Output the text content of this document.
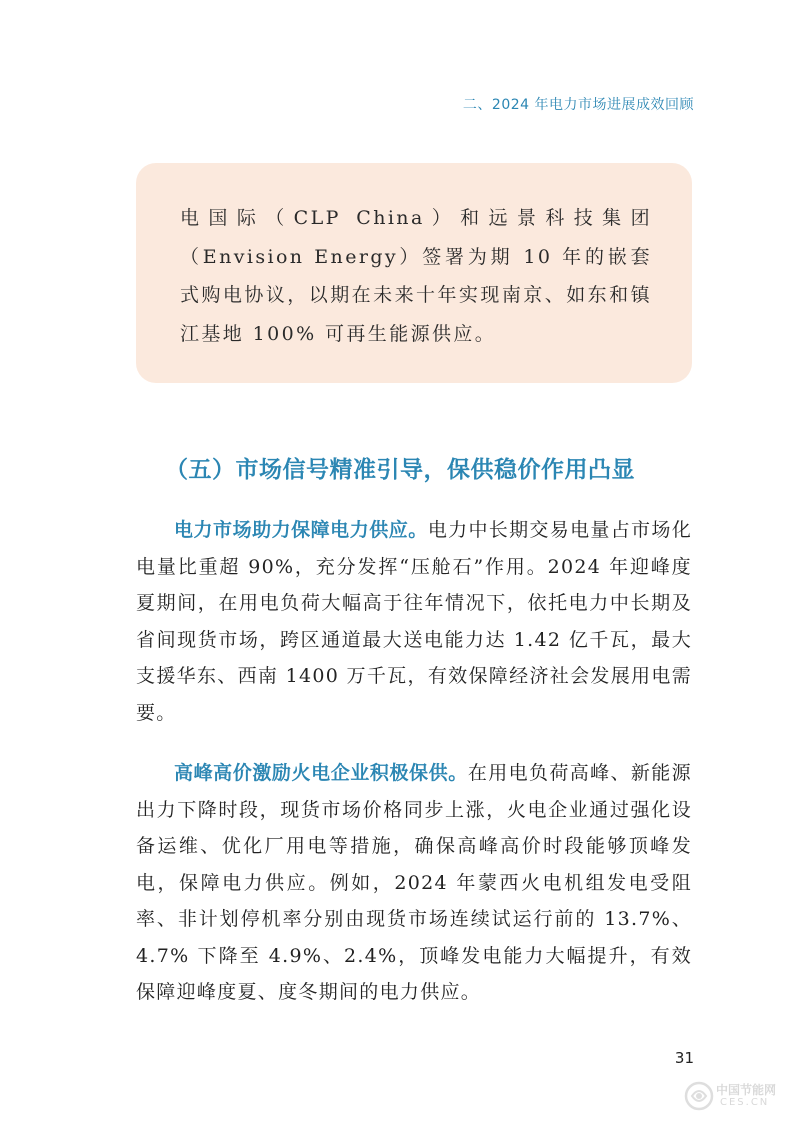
二、2024 年电力市场进展成效回顾

电国际（CLP China）和远景科技集团（Envision Energy）签署为期 10 年的嵌套式购电协议，以期在未来十年实现南京、如东和镇江基地 100% 可再生能源供应。

（五）市场信号精准引导，保供稳价作用凸显

电力市场助力保障电力供应。电力中长期交易电量占市场化电量比重超 90%，充分发挥“压舱石”作用。2024 年迎峰度夏期间，在用电负荷大幅高于往年情况下，依托电力中长期及省间现货市场，跨区通道最大送电能力达 1.42 亿千瓦，最大支援华东、西南 1400 万千瓦，有效保障经济社会发展用电需要。

高峰高价激励火电企业积极保供。在用电负荷高峰、新能源出力下降时段，现货市场价格同步上涨，火电企业通过强化设备运维、优化厂用电等措施，确保高峰高价时段能够顶峰发电，保障电力供应。例如，2024 年蒙西火电机组发电受阻率、非计划停机率分别由现货市场连续试运行前的 13.7%、4.7% 下降至 4.9%、2.4%，顶峰发电能力大幅提升，有效保障迎峰度夏、度冬期间的电力供应。

31
中国节能网
CES.CN
